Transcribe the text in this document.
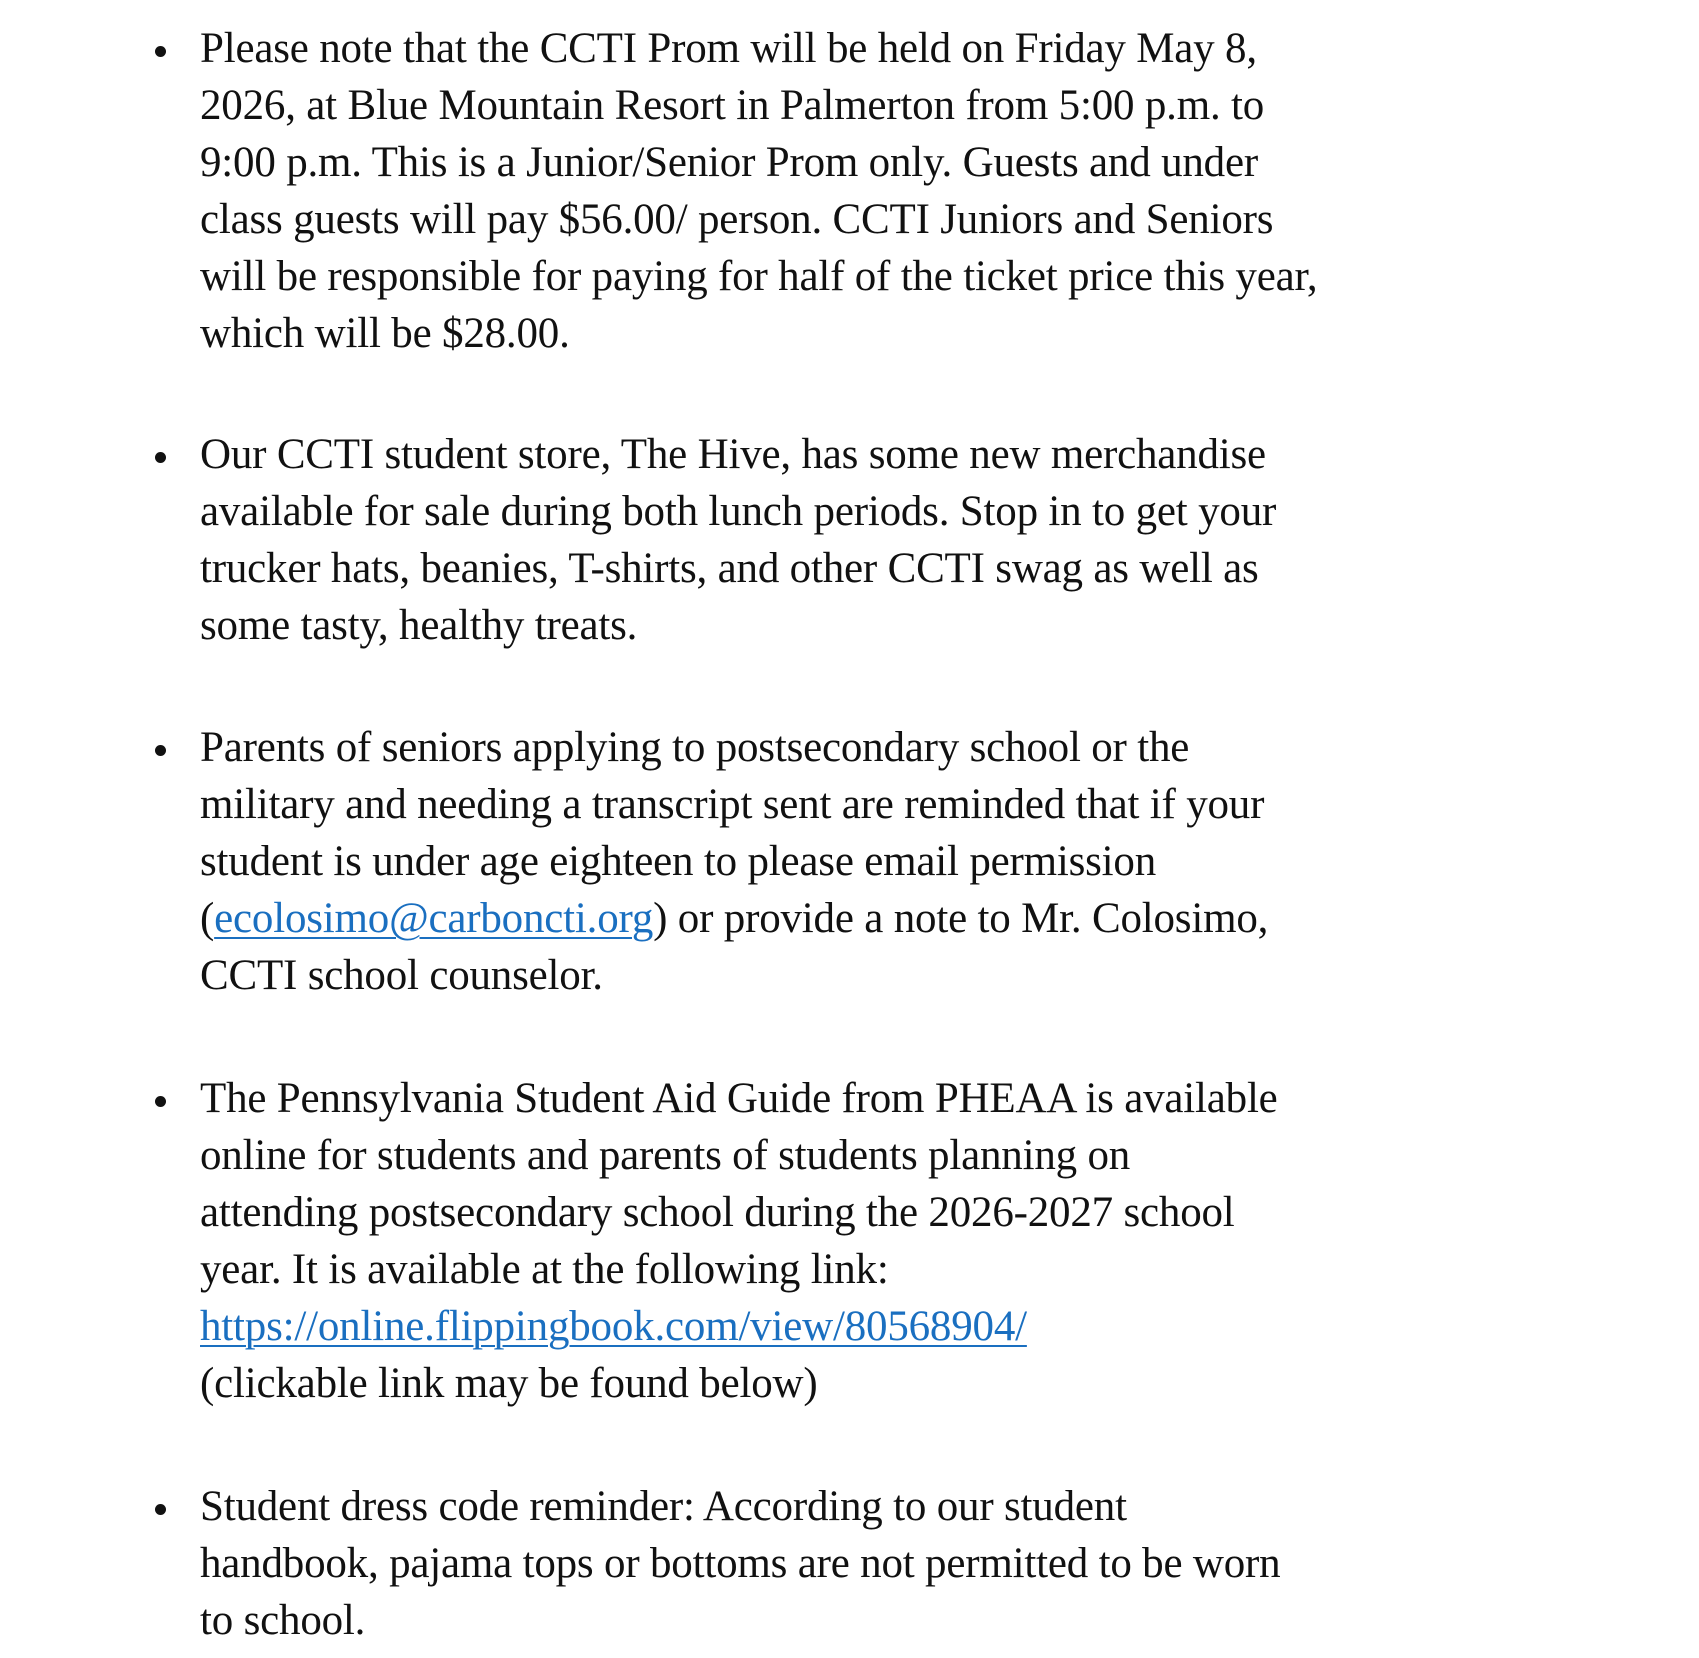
Please note that the CCTI Prom will be held on Friday May 8,
2026, at Blue Mountain Resort in Palmerton from 5:00 p.m. to
9:00 p.m. This is a Junior/Senior Prom only. Guests and under
class guests will pay $56.00/ person. CCTI Juniors and Seniors
will be responsible for paying for half of the ticket price this year,
which will be $28.00.
Our CCTI student store, The Hive, has some new merchandise
available for sale during both lunch periods. Stop in to get your
trucker hats, beanies, T-shirts, and other CCTI swag as well as
some tasty, healthy treats.
Parents of seniors applying to postsecondary school or the
military and needing a transcript sent are reminded that if your
student is under age eighteen to please email permission
(ecolosimo@carboncti.org) or provide a note to Mr. Colosimo,
CCTI school counselor.
The Pennsylvania Student Aid Guide from PHEAA is available
online for students and parents of students planning on
attending postsecondary school during the 2026-2027 school
year. It is available at the following link:
https://online.flippingbook.com/view/80568904/
(clickable link may be found below)
Student dress code reminder: According to our student
handbook, pajama tops or bottoms are not permitted to be worn
to school.
